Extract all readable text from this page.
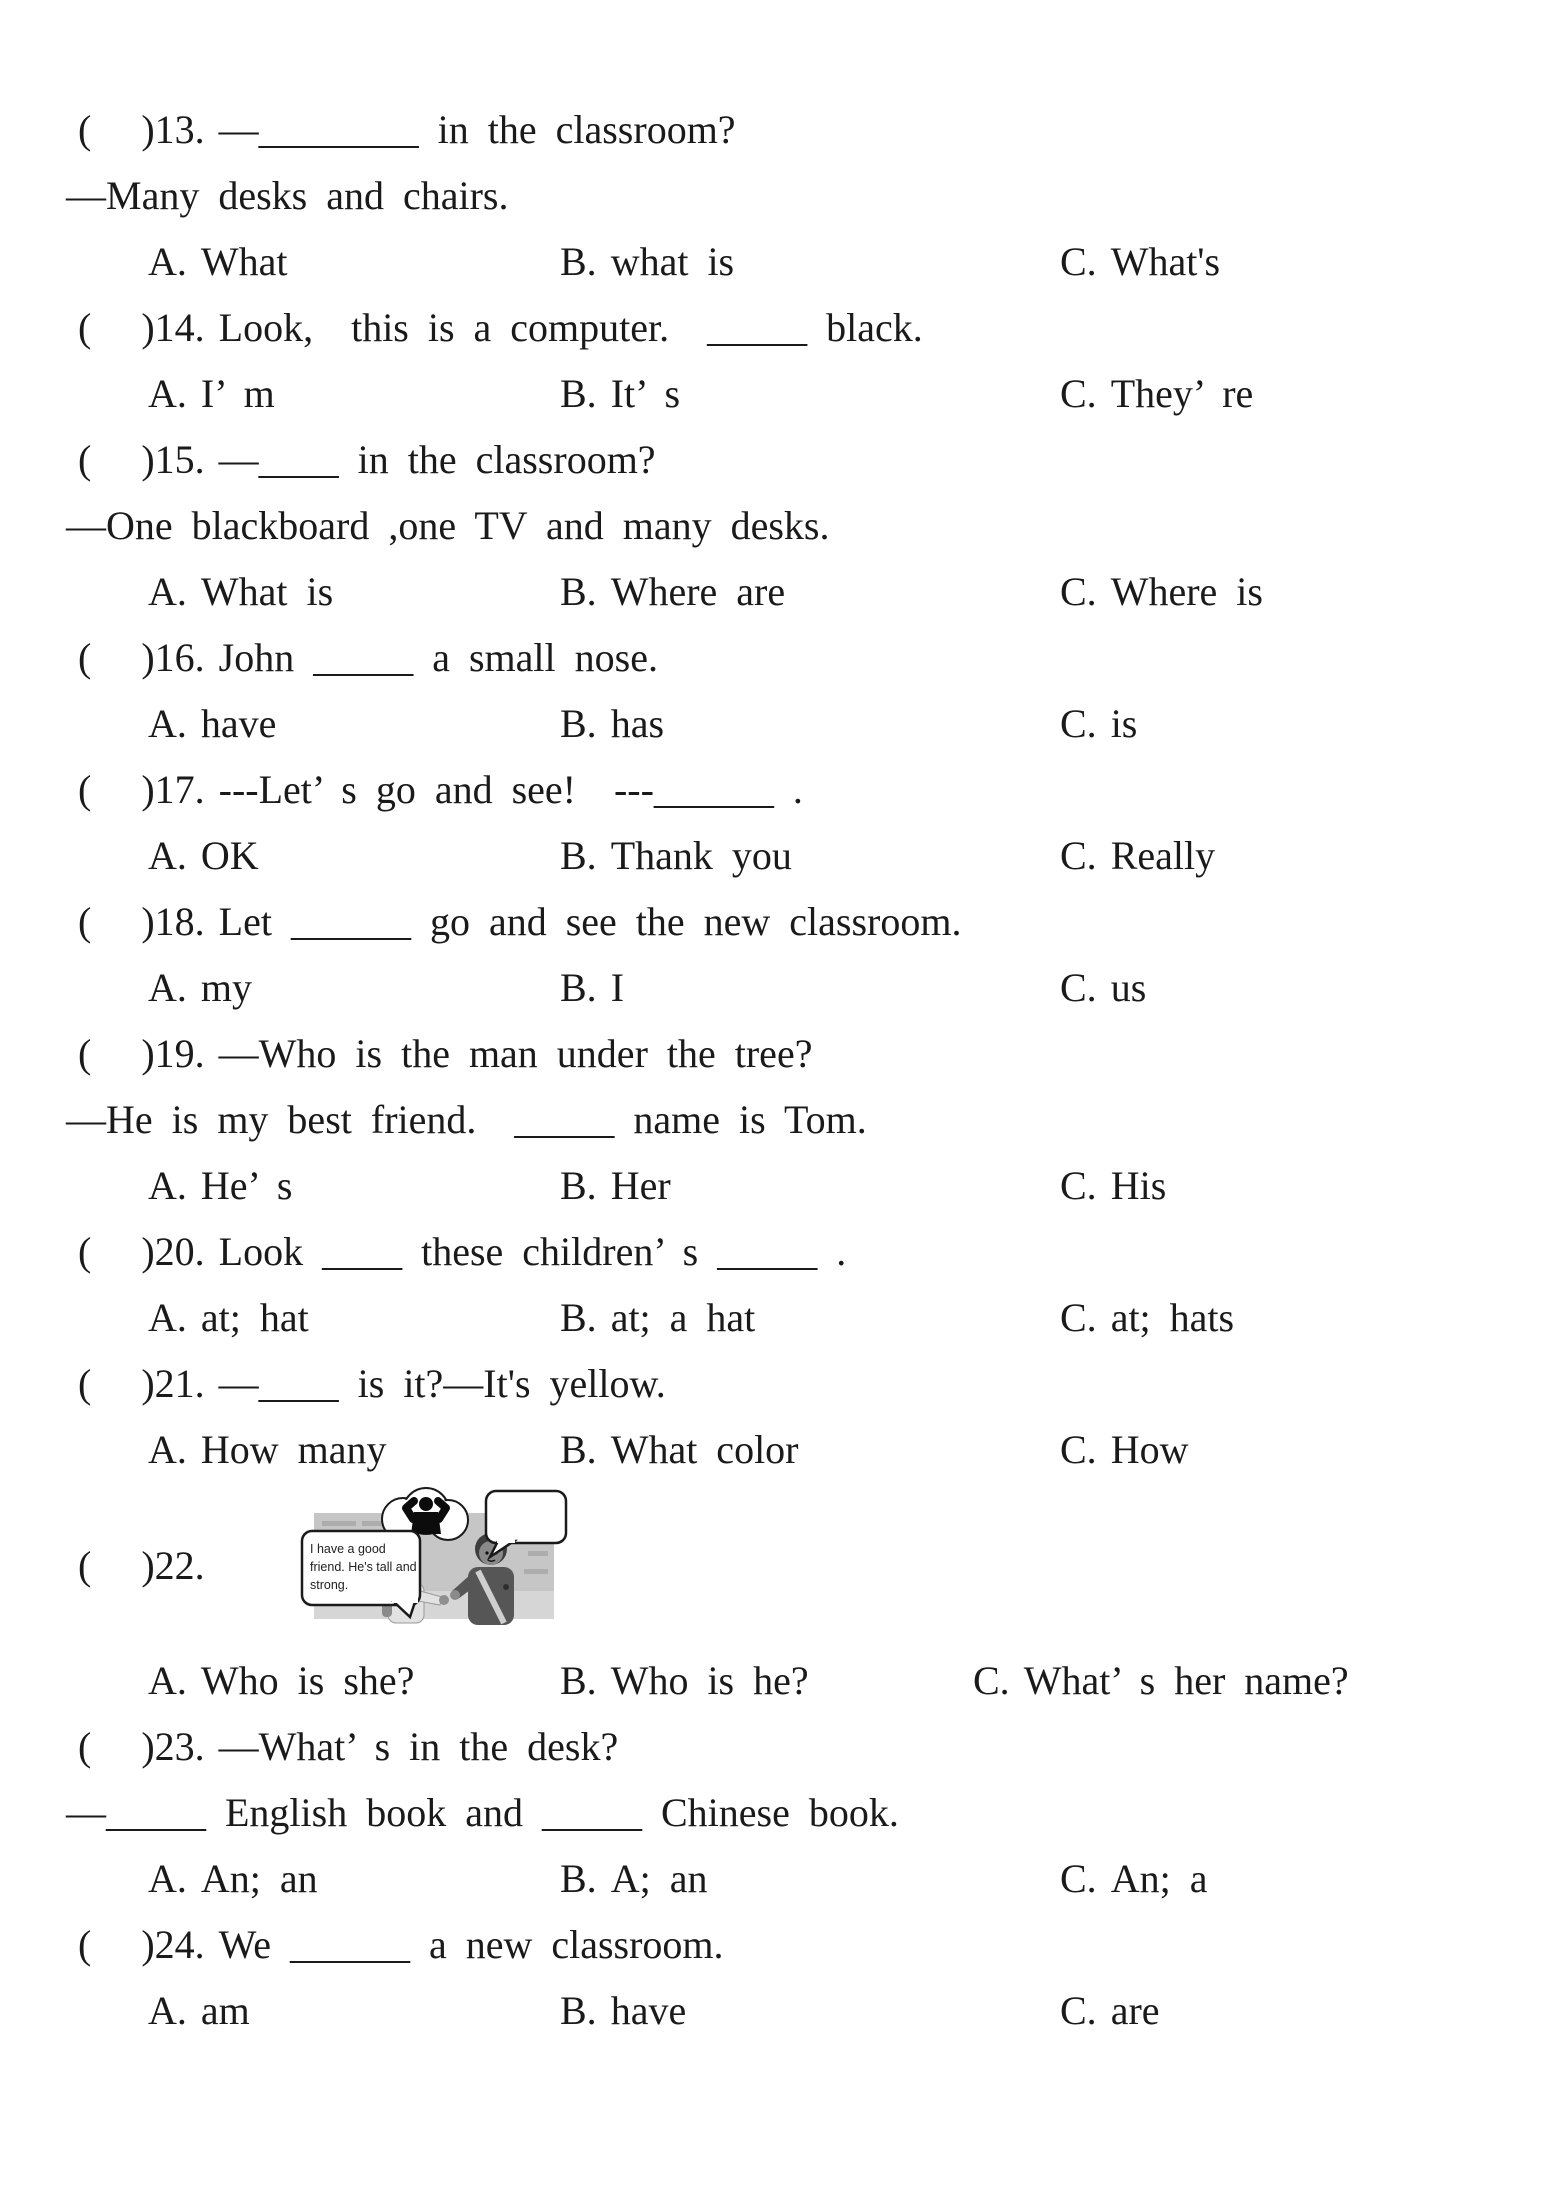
(     )13. —________ in the classroom?
—Many desks and chairs.
A. What	B. what is	C. What's
(     )14. Look,  this is a computer.  _____ black.
A. I’ m	B. It’ s	C. They’ re
(     )15. —____ in the classroom?
—One blackboard ,one TV and many desks.
A. What is	B. Where are	C. Where is
(     )16. John _____ a small nose.
A. have	B. has	C. is
(     )17. ---Let’ s go and see!  ---______ .
A. OK	B. Thank you	C. Really
(     )18. Let ______ go and see the new classroom.
A. my	B. I	C. us
(     )19. —Who is the man under the tree?
—He is my best friend.  _____ name is Tom.
A. He’ s	B. Her	C. His
(     )20. Look ____ these children’ s _____ .
A. at; hat	B. at; a hat	C. at; hats
(     )21. —____ is it?—It's yellow.
A. How many	B. What color	C. How
(     )22.	I have a good
friend. He's tall and
strong.
A. Who is she?	B. Who is he?	C. What’ s her name?
(     )23. —What’ s in the desk?
—_____ English book and _____ Chinese book.
A. An; an	B. A; an	C. An; a
(     )24. We ______ a new classroom.
A. am	B. have	C. are
